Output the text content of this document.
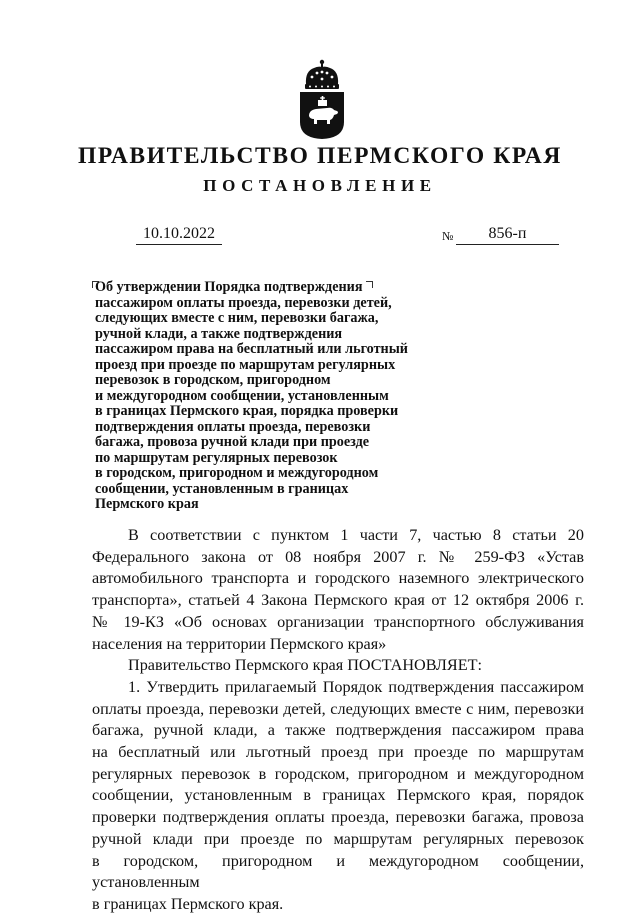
ПРАВИТЕЛЬСТВО ПЕРМСКОГО КРАЯ
ПОСТАНОВЛЕНИЕ
10.10.2022	№	856-п
Об утверждении Порядка подтверждения
пассажиром оплаты проезда, перевозки детей,
следующих вместе с ним, перевозки багажа,
ручной клади, а также подтверждения
пассажиром права на бесплатный или льготный
проезд при проезде по маршрутам регулярных
перевозок в городском, пригородном
и междугородном сообщении, установленным
в границах Пермского края, порядка проверки
подтверждения оплаты проезда, перевозки
багажа, провоза ручной клади при проезде
по маршрутам регулярных перевозок
в городском, пригородном и междугородном
сообщении, установленным в границах
Пермского края
В соответствии с пунктом 1 части 7, частью 8 статьи 20
Федерального закона от 08 ноября 2007 г. № 259-ФЗ «Устав
автомобильного транспорта и городского наземного электрического
транспорта», статьей 4 Закона Пермского края от 12 октября 2006 г.
№ 19-КЗ «Об основах организации транспортного обслуживания
населения на территории Пермского края»
Правительство Пермского края ПОСТАНОВЛЯЕТ:
1. Утвердить прилагаемый Порядок подтверждения пассажиром
оплаты проезда, перевозки детей, следующих вместе с ним, перевозки
багажа, ручной клади, а также подтверждения пассажиром права
на бесплатный или льготный проезд при проезде по маршрутам
регулярных перевозок в городском, пригородном и междугородном
сообщении, установленным в границах Пермского края, порядок
проверки подтверждения оплаты проезда, перевозки багажа, провоза
ручной клади при проезде по маршрутам регулярных перевозок
в городском, пригородном и междугородном сообщении, установленным
в границах Пермского края.
